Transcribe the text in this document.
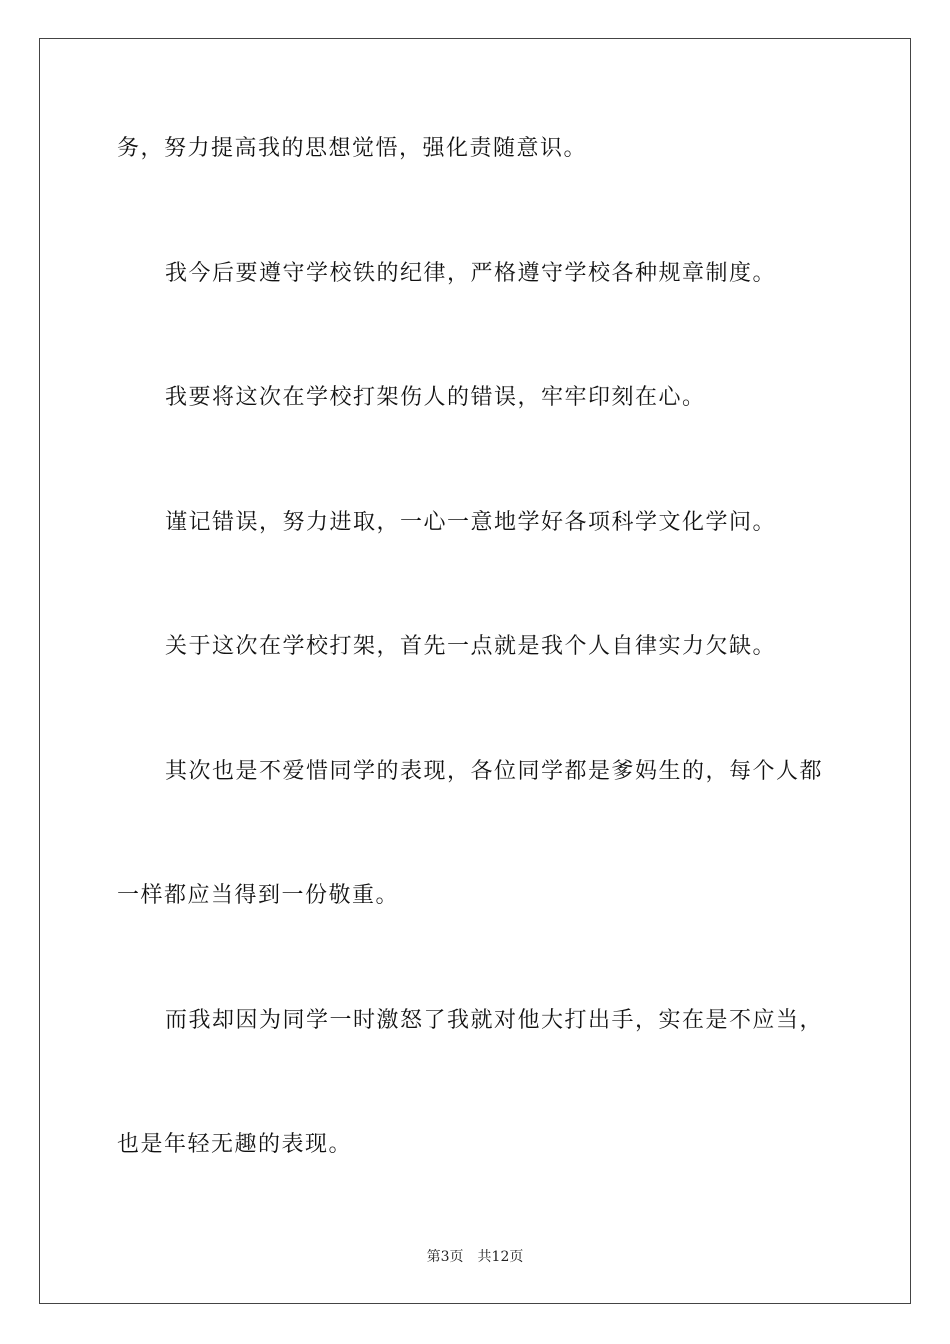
务，努力提高我的思想觉悟，强化责随意识。
我今后要遵守学校铁的纪律，严格遵守学校各种规章制度。
我要将这次在学校打架伤人的错误，牢牢印刻在心。
谨记错误，努力进取，一心一意地学好各项科学文化学问。
关于这次在学校打架，首先一点就是我个人自律实力欠缺。
其次也是不爱惜同学的表现，各位同学都是爹妈生的，每个人都
一样都应当得到一份敬重。
而我却因为同学一时激怒了我就对他大打出手，实在是不应当，
也是年轻无趣的表现。
第3页 共12页
